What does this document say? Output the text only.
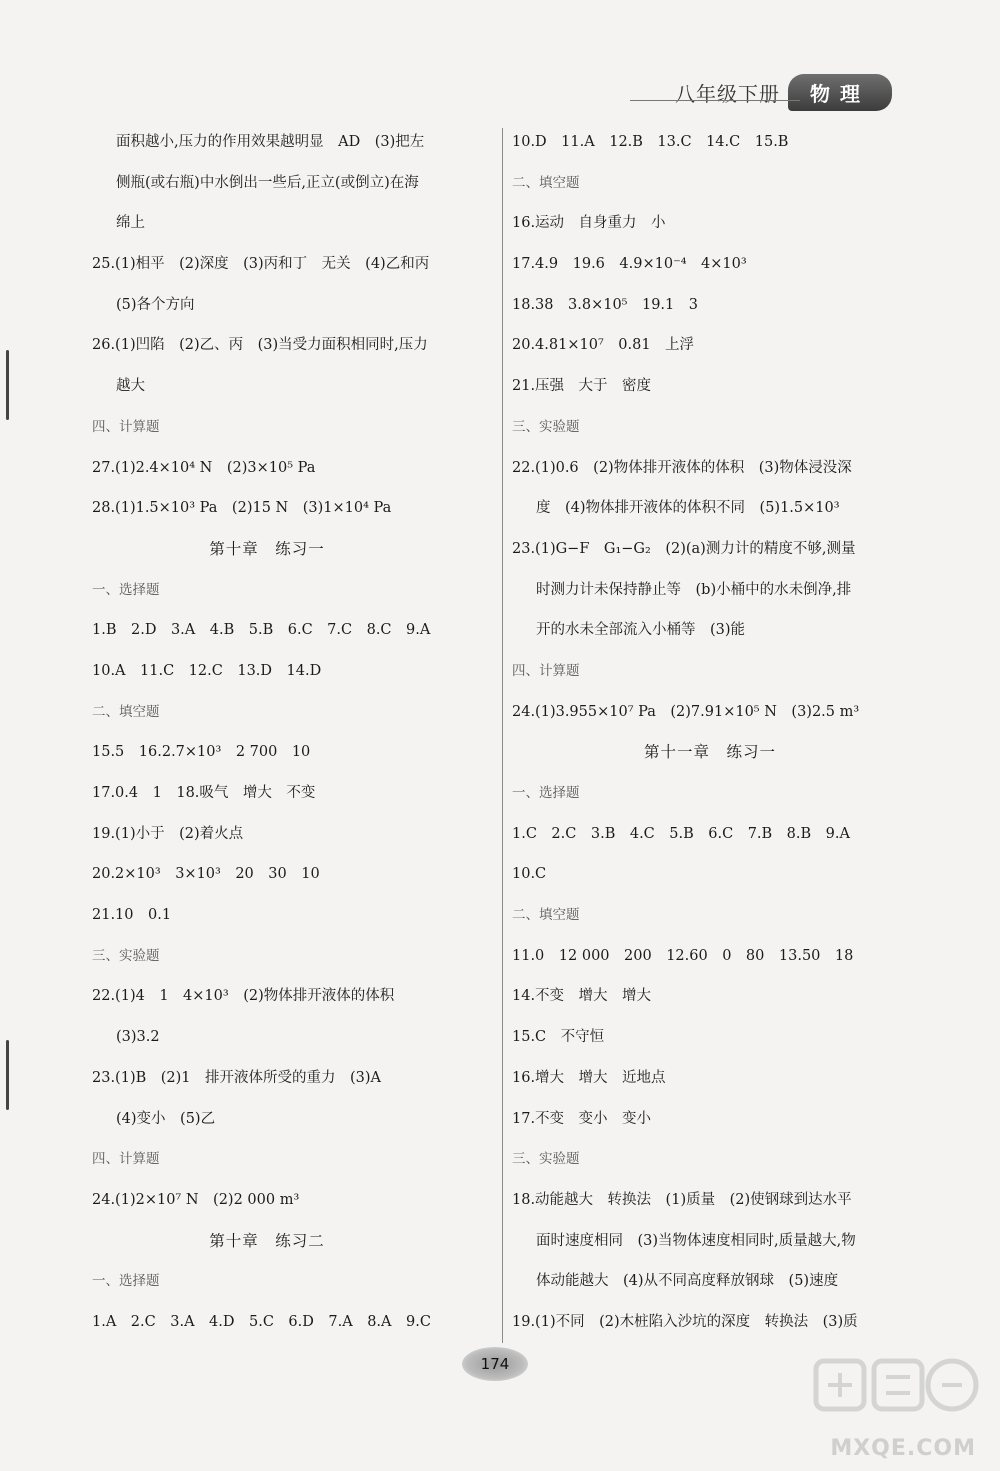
八年级下册	物理
面积越小,压力的作用效果越明显　AD　(3)把左
侧瓶(或右瓶)中水倒出一些后,正立(或倒立)在海
绵上
25.(1)相平　(2)深度　(3)丙和丁　无关　(4)乙和丙
(5)各个方向
26.(1)凹陷　(2)乙、丙　(3)当受力面积相同时,压力
越大
四、计算题
27.(1)2.4×10⁴ N　(2)3×10⁵ Pa
28.(1)1.5×10³ Pa　(2)15 N　(3)1×10⁴ Pa
第十章　练习一
一、选择题
1.B　2.D　3.A　4.B　5.B　6.C　7.C　8.C　9.A
10.A　11.C　12.C　13.D　14.D
二、填空题
15.5　16.2.7×10³　2 700　10
17.0.4　1　18.吸气　增大　不变
19.(1)小于　(2)着火点
20.2×10³　3×10³　20　30　10
21.10　0.1
三、实验题
22.(1)4　1　4×10³　(2)物体排开液体的体积
(3)3.2
23.(1)B　(2)1　排开液体所受的重力　(3)A
(4)变小　(5)乙
四、计算题
24.(1)2×10⁷ N　(2)2 000 m³
第十章　练习二
一、选择题
1.A　2.C　3.A　4.D　5.C　6.D　7.A　8.A　9.C
10.D　11.A　12.B　13.C　14.C　15.B
二、填空题
16.运动　自身重力　小
17.4.9　19.6　4.9×10⁻⁴　4×10³
18.38　3.8×10⁵　19.1　3
20.4.81×10⁷　0.81　上浮
21.压强　大于　密度
三、实验题
22.(1)0.6　(2)物体排开液体的体积　(3)物体浸没深
度　(4)物体排开液体的体积不同　(5)1.5×10³
23.(1)G−F　G₁−G₂　(2)(a)测力计的精度不够,测量
时测力计未保持静止等　(b)小桶中的水未倒净,排
开的水未全部流入小桶等　(3)能
四、计算题
24.(1)3.955×10⁷ Pa　(2)7.91×10⁵ N　(3)2.5 m³
第十一章　练习一
一、选择题
1.C　2.C　3.B　4.C　5.B　6.C　7.B　8.B　9.A
10.C
二、填空题
11.0　12 000　200　12.60　0　80　13.50　18
14.不变　增大　增大
15.C　不守恒
16.增大　增大　近地点
17.不变　变小　变小
三、实验题
18.动能越大　转换法　(1)质量　(2)使钢球到达水平
面时速度相同　(3)当物体速度相同时,质量越大,物
体动能越大　(4)从不同高度释放钢球　(5)速度
19.(1)不同　(2)木桩陷入沙坑的深度　转换法　(3)质
174
MXQE.COM
